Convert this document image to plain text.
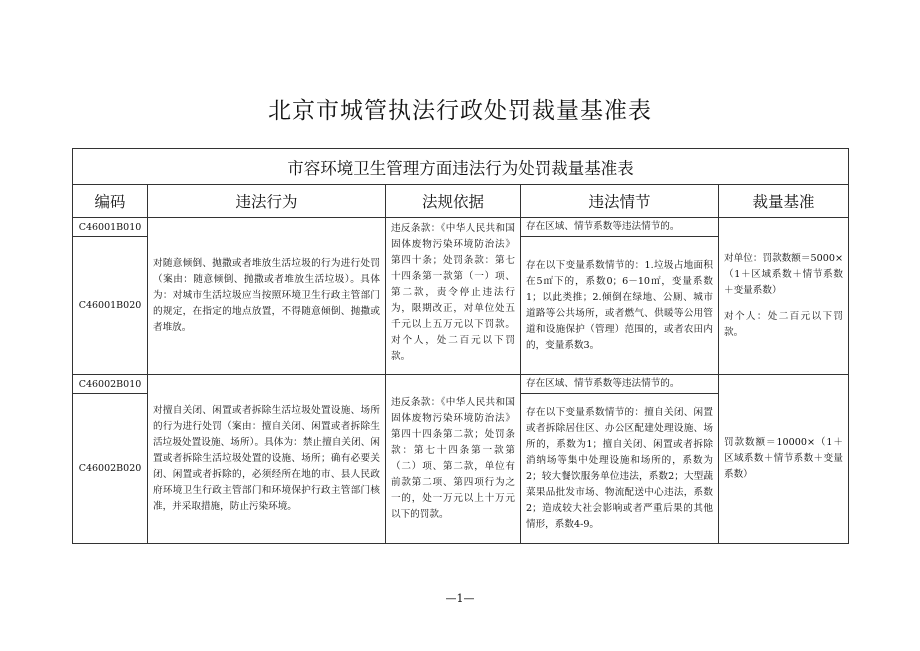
北京市城管执法行政处罚裁量基准表
市容环境卫生管理方面违法行为处罚裁量基准表				
编码	违法行为	法规依据	违法情节	裁量基准
C46001B010	对随意倾倒、抛撒或者堆放生活垃圾的行为进行处罚（案由：随意倾倒、抛撒或者堆放生活垃圾）。具体为：对城市生活垃圾应当按照环境卫生行政主管部门的规定，在指定的地点放置，不得随意倾倒、抛撒或者堆放。	违反条款：《中华人民共和国固体废物污染环境防治法》第四十条；处罚条款：第七十四条第一款第（一）项、第二款，责令停止违法行为，限期改正，对单位处五千元以上五万元以下罚款。对个人，处二百元以下罚款。	存在区域、情节系数等违法情节的。	对单位：罚款数额＝5000×（1＋区域系数＋情节系数＋变量系数）
对个人：处二百元以下罚款。

C46001B020			存在以下变量系数情节的：1.垃圾占地面积在5㎡下的，系数0；6－10㎡，变量系数1；以此类推；2.倾倒在绿地、公厕、城市道路等公共场所，或者燃气、供暖等公用管道和设施保护（管理）范围的，或者农田内的，变量系数3。	
C46002B010	对擅自关闭、闲置或者拆除生活垃圾处置设施、场所的行为进行处罚（案由：擅自关闭、闲置或者拆除生活垃圾处置设施、场所）。具体为：禁止擅自关闭、闲置或者拆除生活垃圾处置的设施、场所；确有必要关闭、闲置或者拆除的，必须经所在地的市、县人民政府环境卫生行政主管部门和环境保护行政主管部门核准，并采取措施，防止污染环境。	违反条款：《中华人民共和国固体废物污染环境防治法》第四十四条第二款；处罚条款：第七十四条第一款第（二）项、第二款，单位有前款第二项、第四项行为之一的，处一万元以上十万元以下的罚款。	存在区域、情节系数等违法情节的。	罚款数额＝10000×（1＋区域系数＋情节系数＋变量系数）
C46002B020			存在以下变量系数情节的：擅自关闭、闲置或者拆除居住区、办公区配建处理设施、场所的，系数为1；擅自关闭、闲置或者拆除消纳场等集中处理设施和场所的，系数为2；较大餐饮服务单位违法，系数2；大型蔬菜果品批发市场、物流配送中心违法，系数2；造成较大社会影响或者严重后果的其他情形，系数4-9。	
—1—
